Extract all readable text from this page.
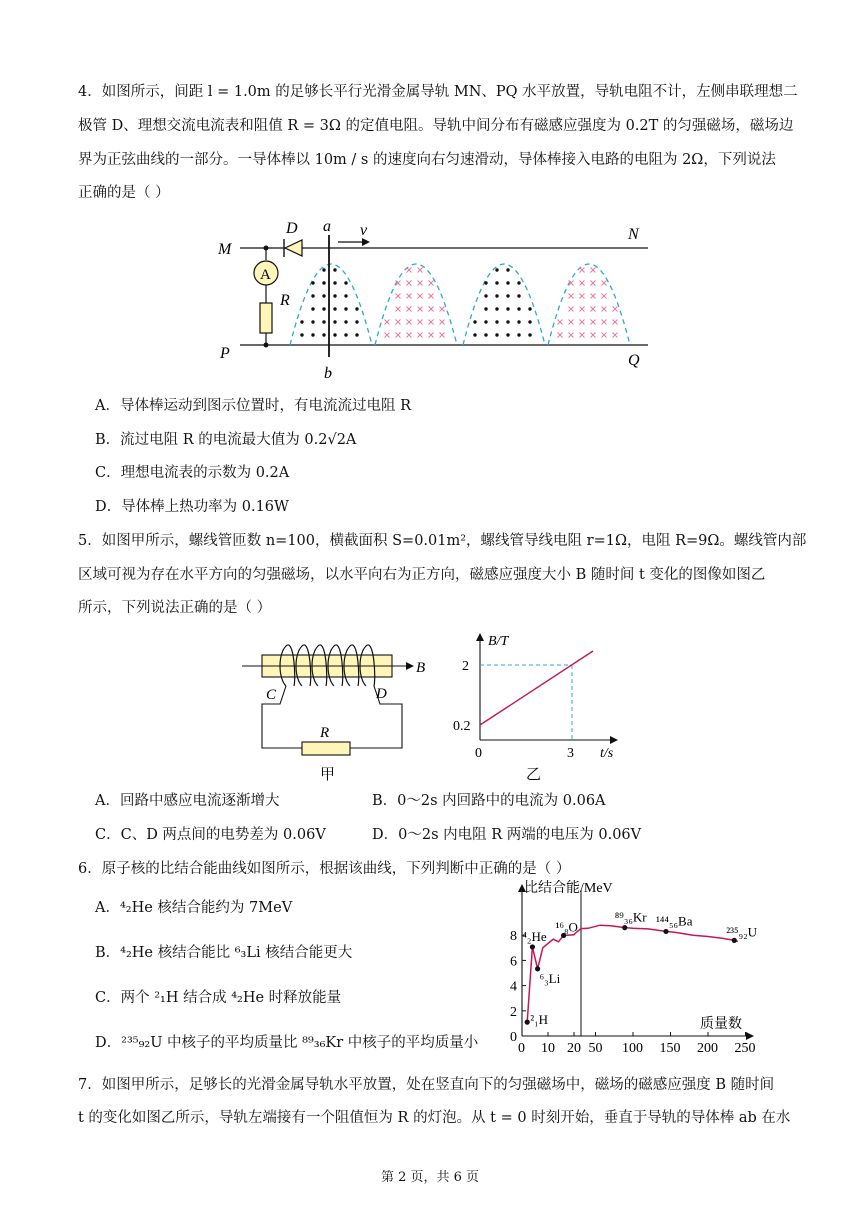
4．如图所示，间距 l = 1.0m 的足够长平行光滑金属导轨 MN、PQ 水平放置，导轨电阻不计，左侧串联理想二
极管 D、理想交流电流表和阻值 R = 3Ω 的定值电阻。导轨中间分布有磁感应强度为 0.2T 的匀强磁场，磁场边
界为正弦曲线的一部分。一导体棒以 10m / s 的速度向右匀速滑动，导体棒接入电路的电阻为 2Ω，下列说法
正确的是（ ）
M
N
P	Q
A
R
D a
b
v
A．导体棒运动到图示位置时，有电流流过电阻 R
B．流过电阻 R 的电流最大值为 0.2√2A
C．理想电流表的示数为 0.2A
D．导体棒上热功率为 0.16W
5．如图甲所示，螺线管匝数 n=100，横截面积 S=0.01m²，螺线管导线电阻 r=1Ω，电阻 R=9Ω。螺线管内部
区域可视为存在水平方向的匀强磁场，以水平向右为正方向，磁感应强度大小 B 随时间 t 变化的图像如图乙
所示，下列说法正确的是（ ）
B
R
C	D
甲
B/T
t/s
2
0.2
0	3
乙
A．回路中感应电流逐渐增大	B．0～2s 内回路中的电流为 0.06A
C．C、D 两点间的电势差为 0.06V	D．0～2s 内电阻 R 两端的电压为 0.06V
6．原子核的比结合能曲线如图所示，根据该曲线，下列判断中正确的是（ ）
A．⁴₂He 核结合能约为 7MeV
B．⁴₂He 核结合能比 ⁶₃Li 核结合能更大
C．两个 ²₁H 结合成 ⁴₂He 时释放能量
D．²³⁵₉₂U 中核子的平均质量比 ⁸⁹₃₆Kr 中核子的平均质量小 0
2
4
6
8
10 20
0	50 100 150 200 250
²₁H
⁴₂He
⁶₃Li
¹⁶₈O
⁸⁹₃₆Kr ¹⁴⁴₅₆Ba
²³⁵₉₂U
比结合能/MeV
质量数
7．如图甲所示，足够长的光滑金属导轨水平放置，处在竖直向下的匀强磁场中，磁场的磁感应强度 B 随时间
t 的变化如图乙所示，导轨左端接有一个阻值恒为 R 的灯泡。从 t = 0 时刻开始，垂直于导轨的导体棒 ab 在水
第 2 页，共 6 页
